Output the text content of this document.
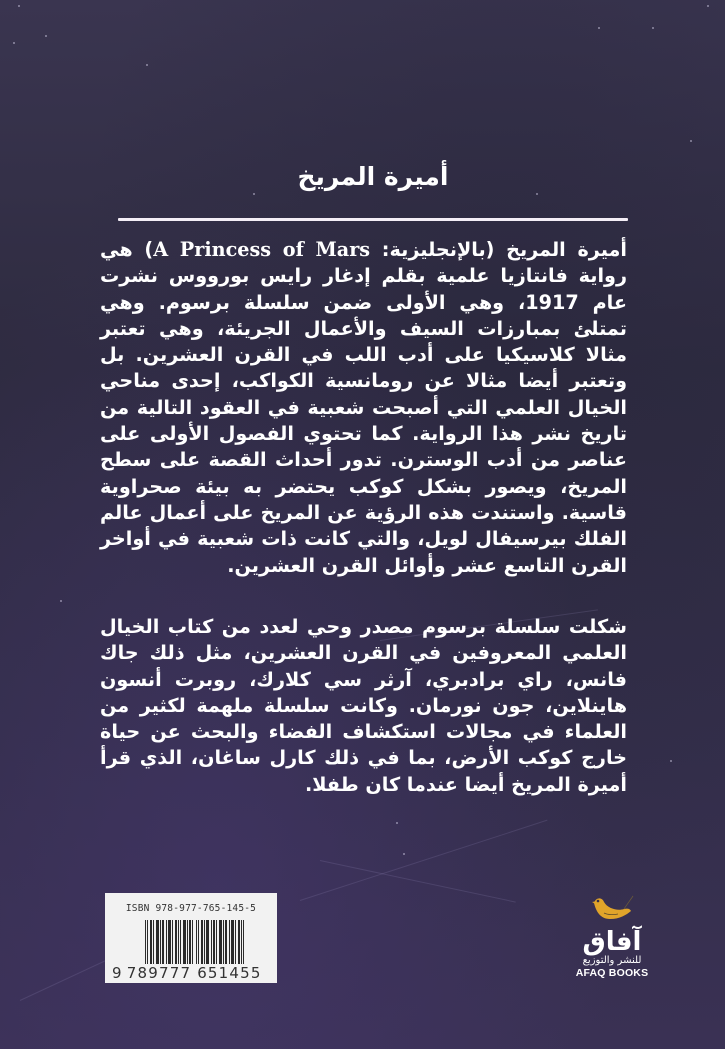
أميرة المريخ

أميرة المريخ (بالإنجليزية: A Princess of Mars) هي رواية فانتازيا علمية بقلم إدغار رايس بورووس نشرت عام 1917، وهي الأولى ضمن سلسلة برسوم. وهي تمتلئ بمبارزات السيف والأعمال الجريئة، وهي تعتبر مثالا كلاسيكيا على أدب اللب في القرن العشرين. بل وتعتبر أيضا مثالا عن رومانسية الكواكب، إحدى مناحي الخيال العلمي التي أصبحت شعبية في العقود التالية من تاريخ نشر هذا الرواية. كما تحتوي الفصول الأولى على عناصر من أدب الوسترن. تدور أحداث القصة على سطح المريخ، ويصور بشكل كوكب يحتضر به بيئة صحراوية قاسية. واستندت هذه الرؤية عن المريخ على أعمال عالم الفلك بيرسيفال لويل، والتي كانت ذات شعبية في أواخر القرن التاسع عشر وأوائل القرن العشرين.

شكلت سلسلة برسوم مصدر وحي لعدد من كتاب الخيال العلمي المعروفين في القرن العشرين، مثل ذلك جاك فانس، راي برادبري، آرثر سي كلارك، روبرت أنسون هاينلاين، جون نورمان. وكانت سلسلة ملهمة لكثير من العلماء في مجالات استكشاف الفضاء والبحث عن حياة خارج كوكب الأرض، بما في ذلك كارل ساغان، الذي قرأ أميرة المريخ أيضا عندما كان طفلا.

ISBN 978-977-765-145-5
9 789777 651455
آفاق
للنشر والتوزيع
AFAQ BOOKS
